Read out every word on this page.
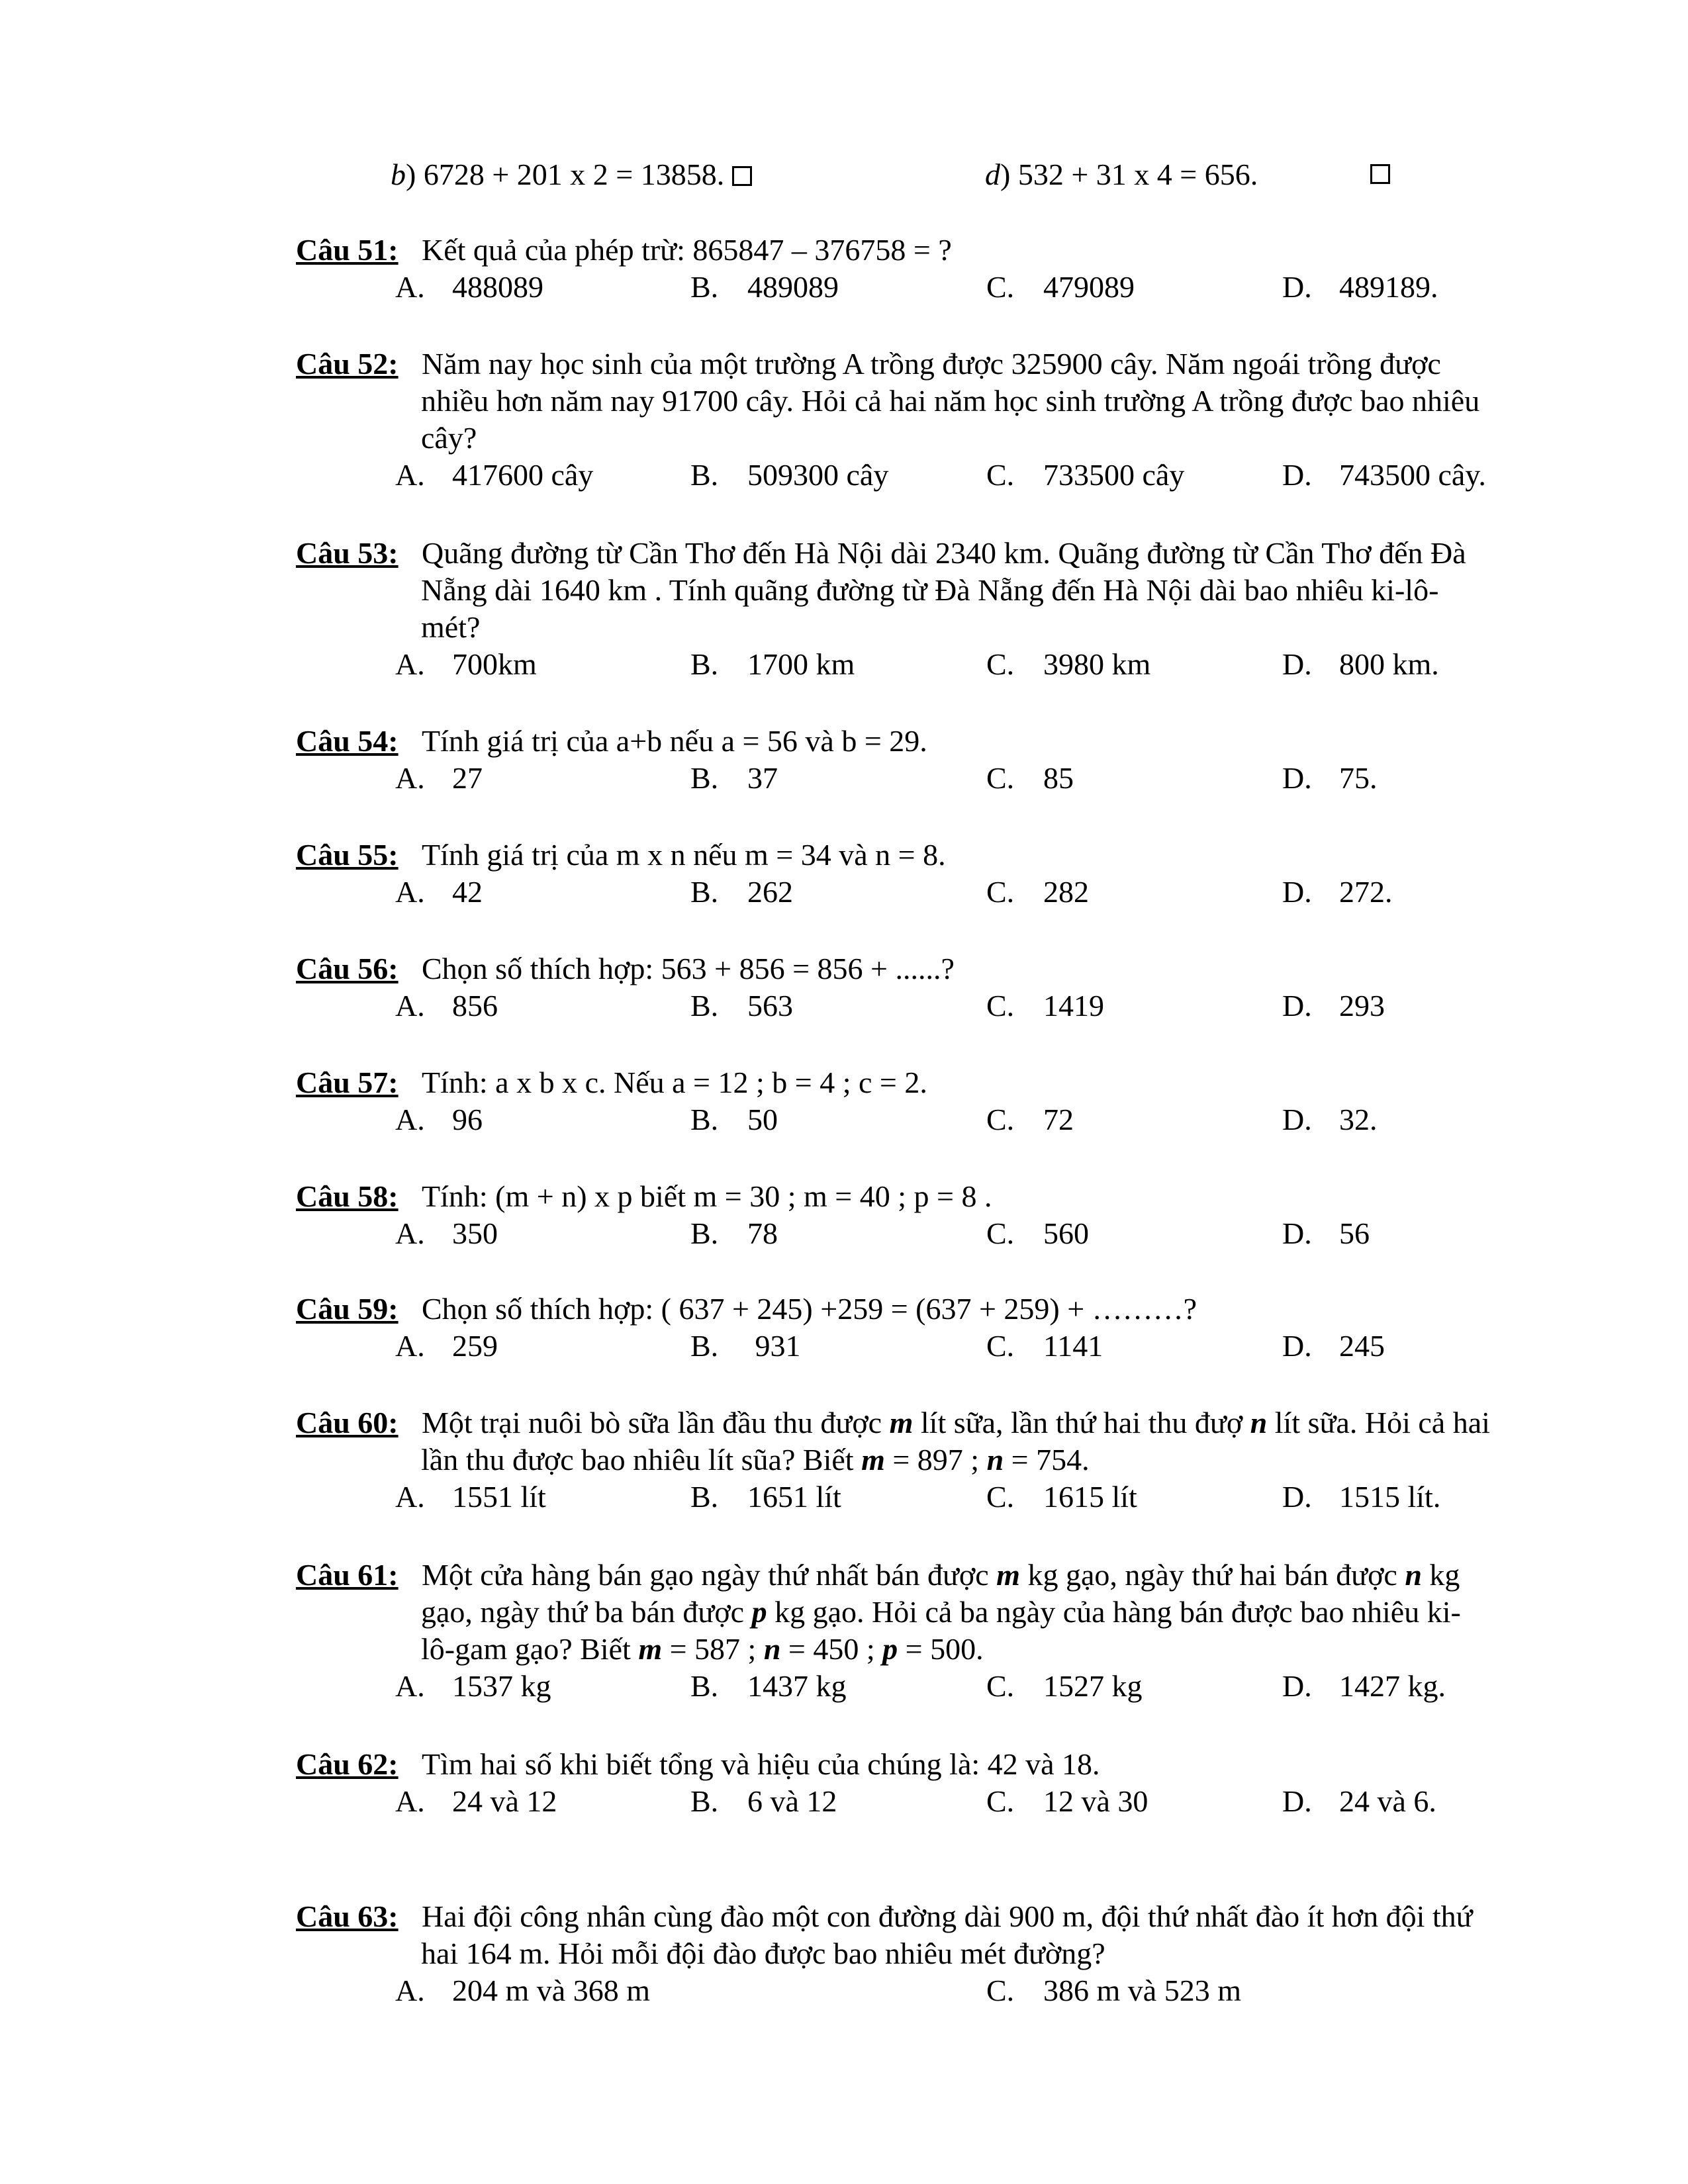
b) 6728 + 201 x 2 = 13858.	d) 532 + 31 x 4 = 656.
Câu 51: Kết quả của phép trừ: 865847 – 376758 = ?
A. 488089	B. 489089	C. 479089	D. 489189.
Câu 52: Năm nay học sinh của một trường A trồng được 325900 cây. Năm ngoái trồng được
nhiều hơn năm nay 91700 cây. Hỏi cả hai năm học sinh trường A trồng được bao nhiêu
cây?
A. 417600 cây	B. 509300 cây	C. 733500 cây	D. 743500 cây.
Câu 53: Quãng đường từ Cần Thơ đến Hà Nội dài 2340 km. Quãng đường từ Cần Thơ đến Đà
Nẵng dài 1640 km . Tính quãng đường từ Đà Nẵng đến Hà Nội dài bao nhiêu ki-lô-
mét?
A. 700km	B. 1700 km	C. 3980 km	D. 800 km.
Câu 54: Tính giá trị của a+b nếu a = 56 và b = 29.
A. 27	B. 37	C. 85	D. 75.
Câu 55: Tính giá trị của m x n nếu m = 34 và n = 8.
A. 42	B. 262	C. 282	D. 272.
Câu 56: Chọn số thích hợp: 563 + 856 = 856 + ......?
A. 856	B. 563	C. 1419	D. 293
Câu 57: Tính: a x b x c. Nếu a = 12 ; b = 4 ; c = 2.
A. 96	B. 50	C. 72	D. 32.
Câu 58: Tính: (m + n) x p biết m = 30 ; m = 40 ; p = 8 .
A. 350	B. 78	C. 560	D. 56
Câu 59: Chọn số thích hợp: ( 637 + 245) +259 = (637 + 259) + ………?
A. 259	B. 931	C. 1141	D. 245
Câu 60: Một trại nuôi bò sữa lần đầu thu được m lít sữa, lần thứ hai thu đượ n lít sữa. Hỏi cả hai
lần thu được bao nhiêu lít sũa? Biết m = 897 ; n = 754.
A. 1551 lít	B. 1651 lít	C. 1615 lít	D. 1515 lít.
Câu 61: Một cửa hàng bán gạo ngày thứ nhất bán được m kg gạo, ngày thứ hai bán được n kg
gạo, ngày thứ ba bán được p kg gạo. Hỏi cả ba ngày của hàng bán được bao nhiêu ki-
lô-gam gạo? Biết m = 587 ; n = 450 ; p = 500.
A. 1537 kg	B. 1437 kg	C. 1527 kg	D. 1427 kg.
Câu 62: Tìm hai số khi biết tổng và hiệu của chúng là: 42 và 18.
A. 24 và 12	B. 6 và 12	C. 12 và 30	D. 24 và 6.
Câu 63: Hai đội công nhân cùng đào một con đường dài 900 m, đội thứ nhất đào ít hơn đội thứ
hai 164 m. Hỏi mỗi đội đào được bao nhiêu mét đường?
A. 204 m và 368 m	C. 386 m và 523 m
